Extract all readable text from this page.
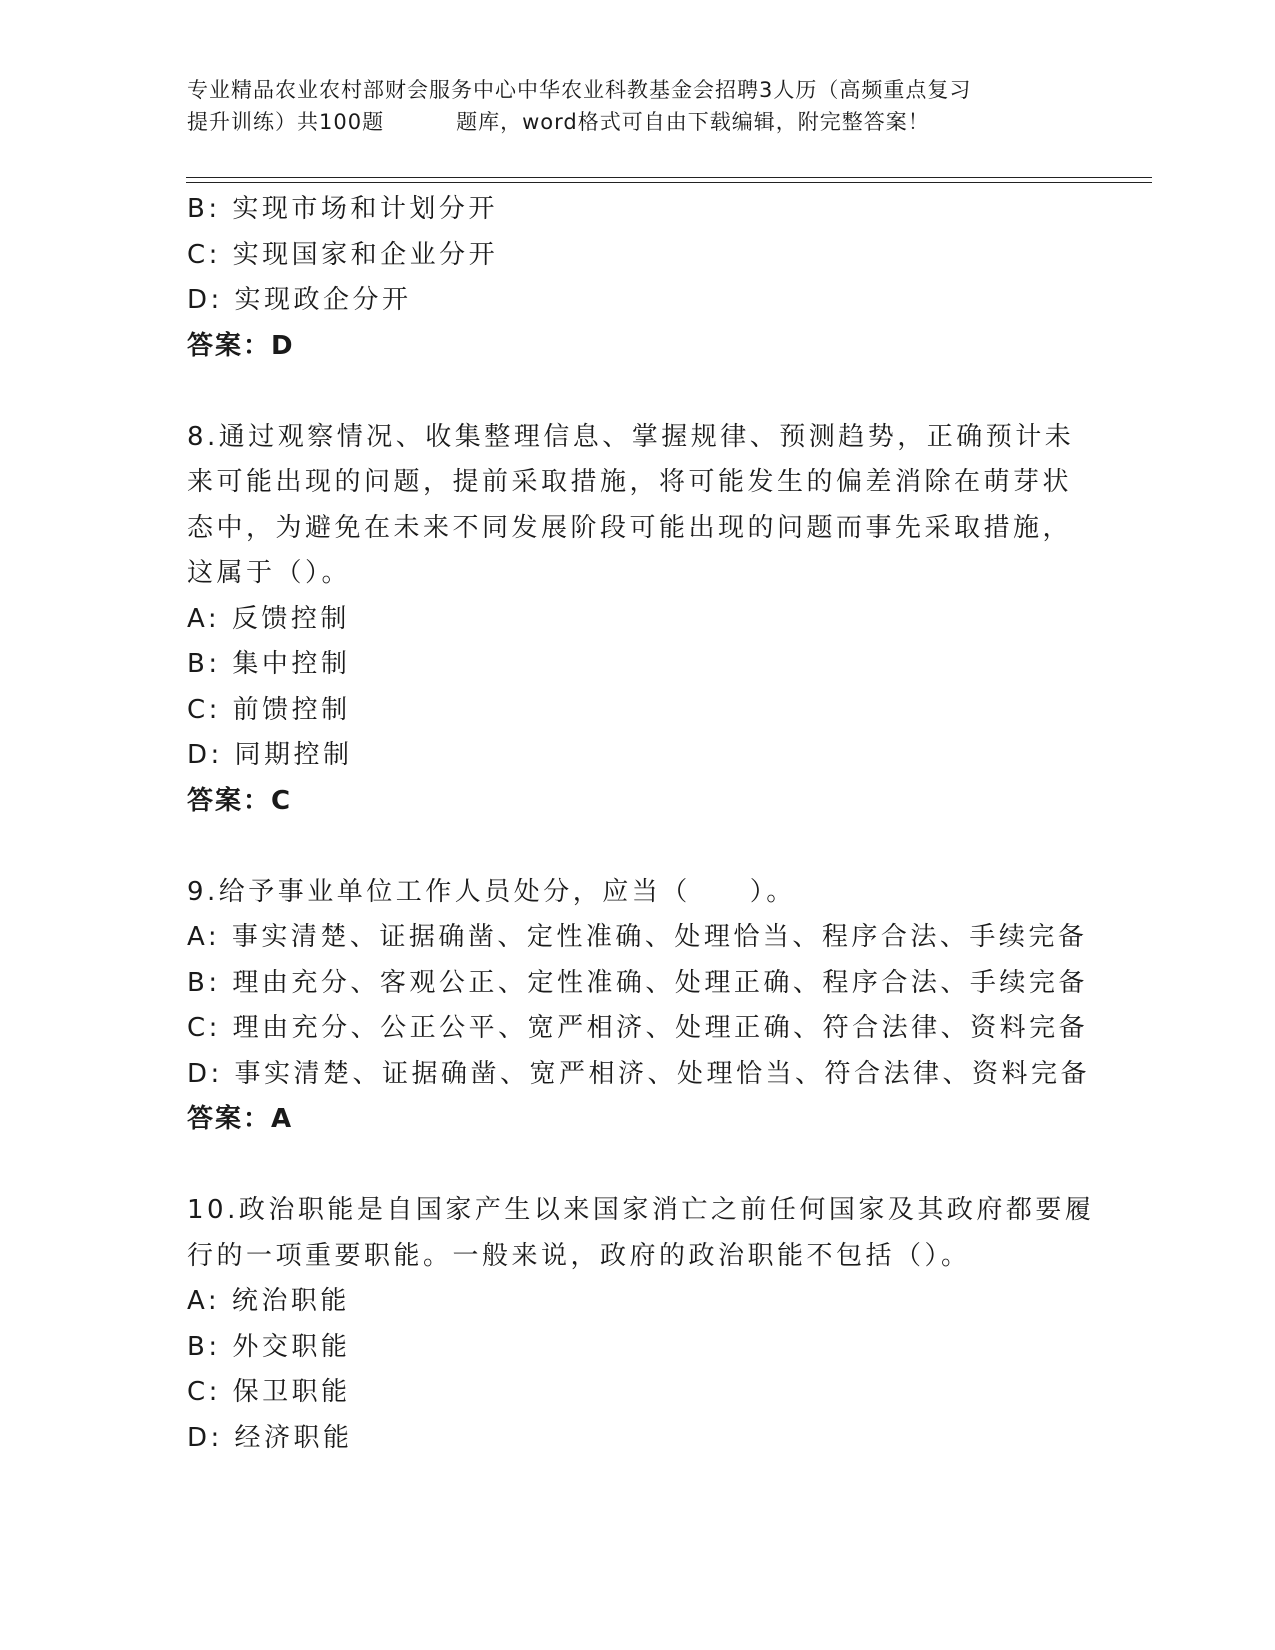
专业精品农业农村部财会服务中心中华农业科教基金会招聘3人历（高频重点复习
提升训练）共100题	题库，word格式可自由下载编辑，附完整答案！
B: 实现市场和计划分开
C: 实现国家和企业分开
D: 实现政企分开
答案：D
8.通过观察情况、收集整理信息、掌握规律、预测趋势，正确预计未
来可能出现的问题，提前采取措施，将可能发生的偏差消除在萌芽状
态中，为避免在未来不同发展阶段可能出现的问题而事先采取措施，
这属于（）。
A: 反馈控制
B: 集中控制
C: 前馈控制
D: 同期控制
答案：C
9.给予事业单位工作人员处分，应当（　　）。
A: 事实清楚、证据确凿、定性准确、处理恰当、程序合法、手续完备
B: 理由充分、客观公正、定性准确、处理正确、程序合法、手续完备
C: 理由充分、公正公平、宽严相济、处理正确、符合法律、资料完备
D: 事实清楚、证据确凿、宽严相济、处理恰当、符合法律、资料完备
答案：A
10.政治职能是自国家产生以来国家消亡之前任何国家及其政府都要履
行的一项重要职能。一般来说，政府的政治职能不包括（）。
A: 统治职能
B: 外交职能
C: 保卫职能
D: 经济职能
